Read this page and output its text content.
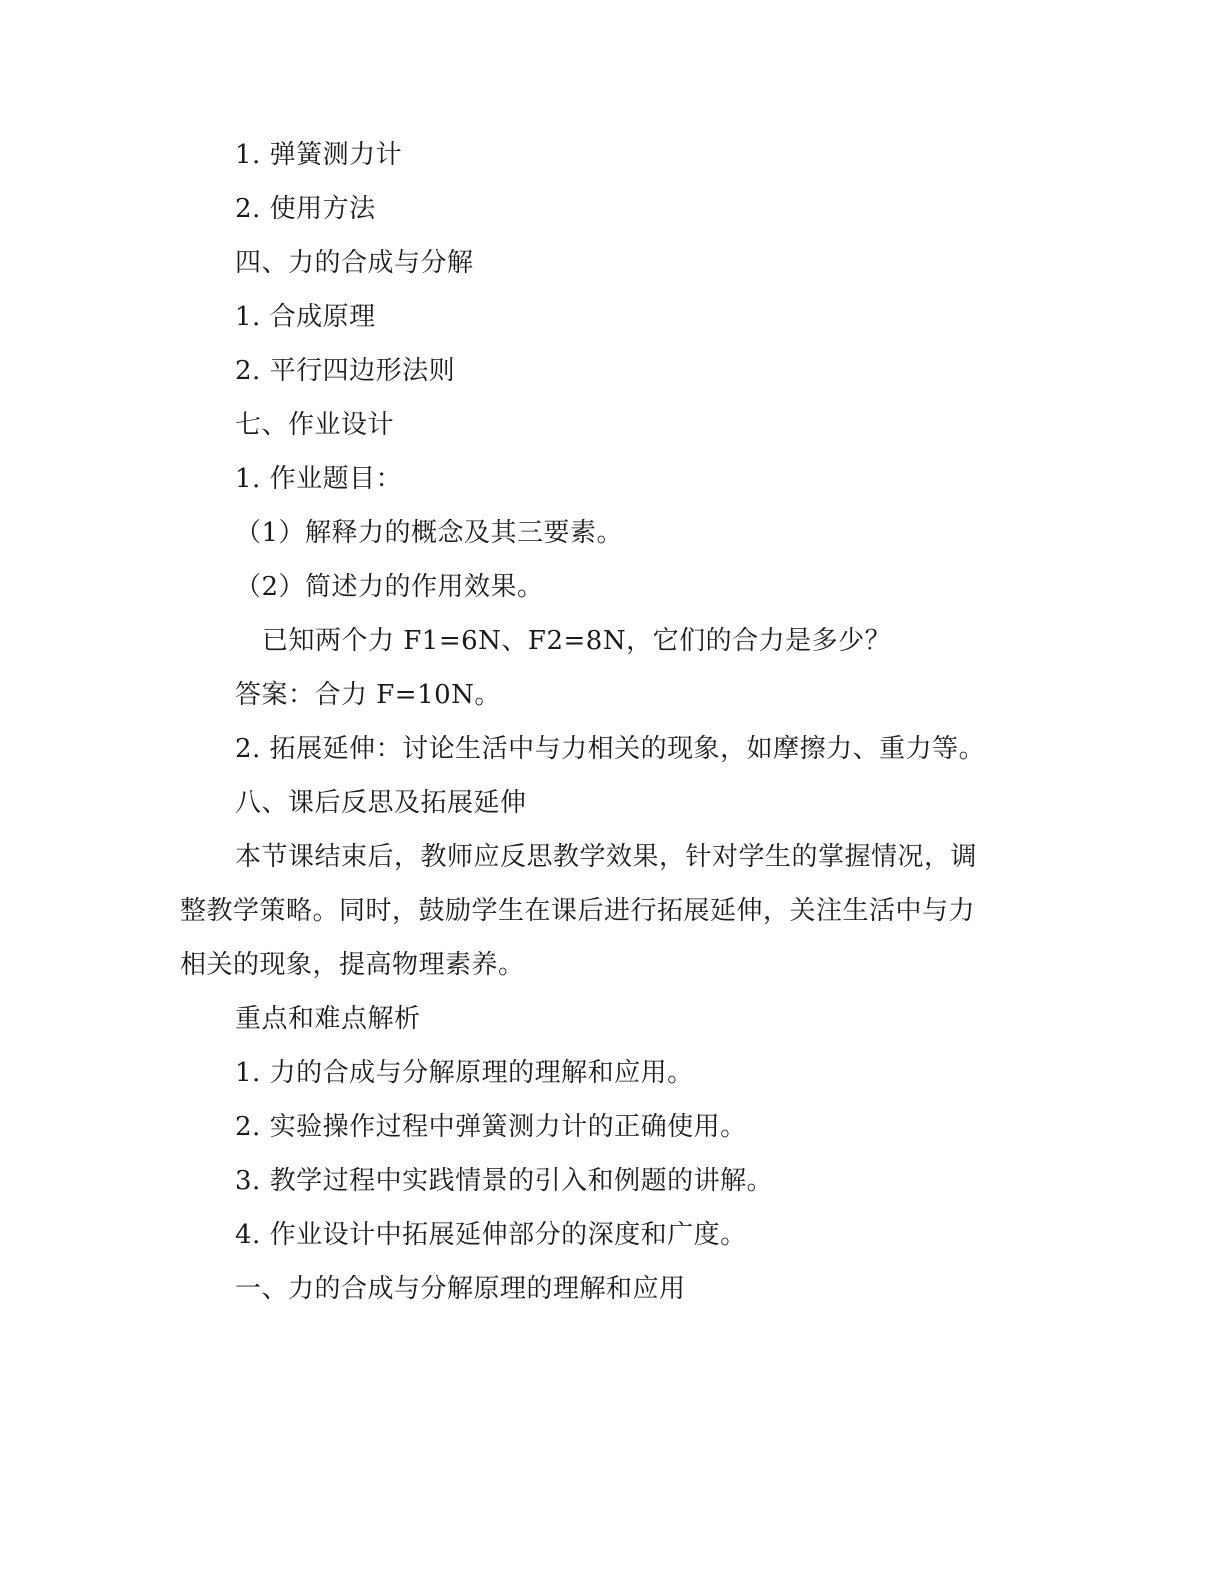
1. 弹簧测力计
2. 使用方法
四、力的合成与分解
1. 合成原理
2. 平行四边形法则
七、作业设计
1. 作业题目：
（1）解释力的概念及其三要素。
（2）简述力的作用效果。
已知两个力 F1=6N、F2=8N，它们的合力是多少？
答案：合力 F=10N。
2. 拓展延伸：讨论生活中与力相关的现象，如摩擦力、重力等。
八、课后反思及拓展延伸
本节课结束后，教师应反思教学效果，针对学生的掌握情况，调
整教学策略。同时，鼓励学生在课后进行拓展延伸，关注生活中与力
相关的现象，提高物理素养。
重点和难点解析
1. 力的合成与分解原理的理解和应用。
2. 实验操作过程中弹簧测力计的正确使用。
3. 教学过程中实践情景的引入和例题的讲解。
4. 作业设计中拓展延伸部分的深度和广度。
一、力的合成与分解原理的理解和应用
